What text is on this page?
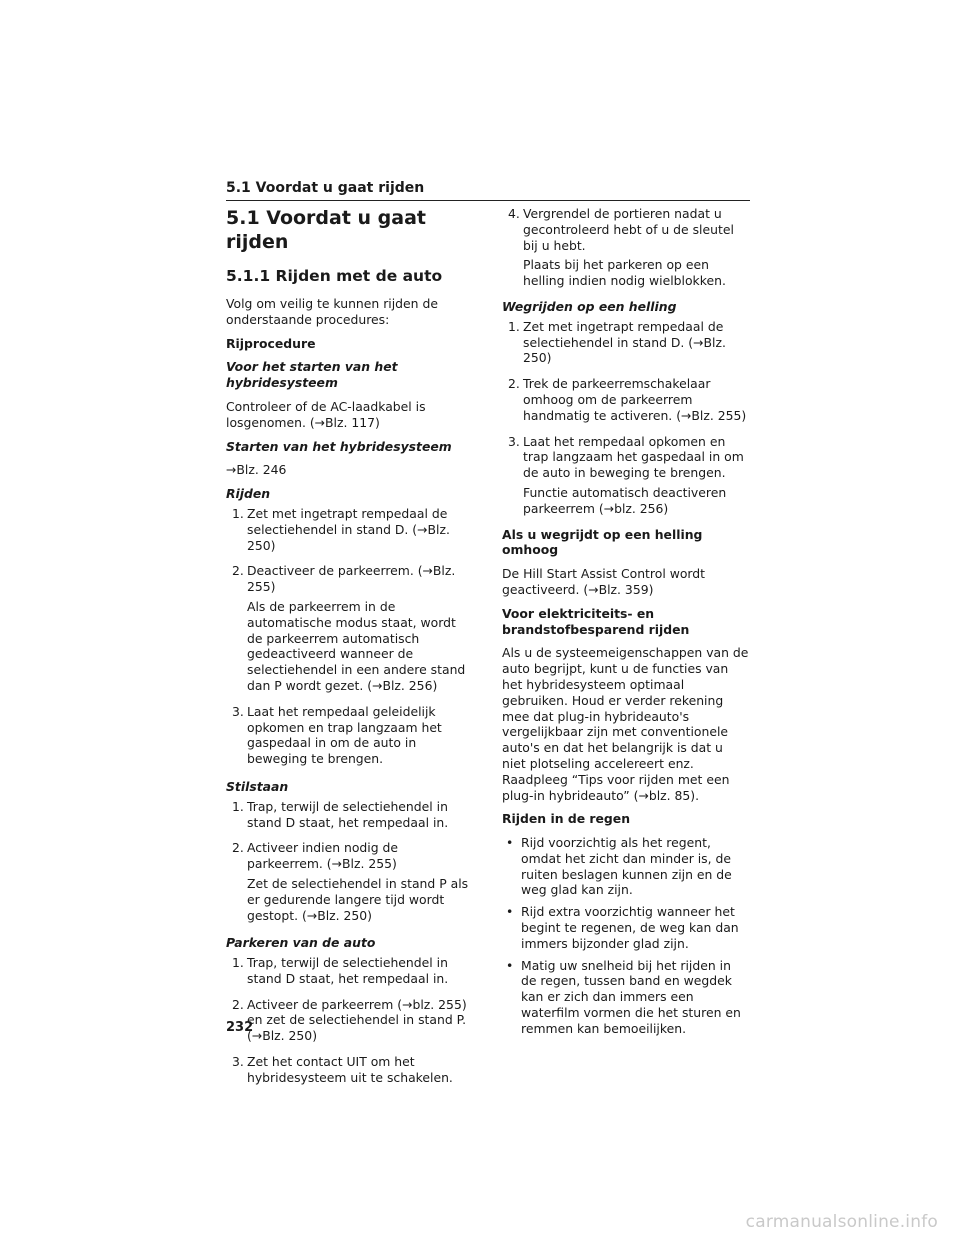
5.1 Voordat u gaat rijden
5.1 Voordat u gaat rijden
5.1.1 Rijden met de auto

Volg om veilig te kunnen rijden de onderstaande procedures:

Rijprocedure

Voor het starten van het hybridesysteem

Controleer of de AC-laadkabel is losgenomen. (→Blz. 117)

Starten van het hybridesysteem

→Blz. 246

Rijden

1. Zet met ingetrapt rempedaal de selectiehendel in stand D. (→Blz. 250)

2. Deactiveer de parkeerrem. (→Blz. 255)

Als de parkeerrem in de automatische modus staat, wordt de parkeerrem automatisch gedeactiveerd wanneer de selectiehendel in een andere stand dan P wordt gezet. (→Blz. 256)

3. Laat het rempedaal geleidelijk opkomen en trap langzaam het gaspedaal in om de auto in beweging te brengen.

Stilstaan

1. Trap, terwijl de selectiehendel in stand D staat, het rempedaal in.

2. Activeer indien nodig de parkeerrem. (→Blz. 255)

Zet de selectiehendel in stand P als er gedurende langere tijd wordt gestopt. (→Blz. 250)

Parkeren van de auto

1. Trap, terwijl de selectiehendel in stand D staat, het rempedaal in.

2. Activeer de parkeerrem (→blz. 255) en zet de selectiehendel in stand P. (→Blz. 250)

3. Zet het contact UIT om het hybridesysteem uit te schakelen.

4. Vergrendel de portieren nadat u gecontroleerd hebt of u de sleutel bij u hebt.

Plaats bij het parkeren op een helling indien nodig wielblokken.

Wegrijden op een helling

1. Zet met ingetrapt rempedaal de selectiehendel in stand D. (→Blz. 250)

2. Trek de parkeerremschakelaar omhoog om de parkeerrem handmatig te activeren. (→Blz. 255)

3. Laat het rempedaal opkomen en trap langzaam het gaspedaal in om de auto in beweging te brengen.

Functie automatisch deactiveren parkeerrem (→blz. 256)

Als u wegrijdt op een helling omhoog

De Hill Start Assist Control wordt geactiveerd. (→Blz. 359)

Voor elektriciteits- en brandstofbesparend rijden

Als u de systeemeigenschappen van de auto begrijpt, kunt u de functies van het hybridesysteem optimaal gebruiken. Houd er verder rekening mee dat plug-in hybrideauto's vergelijkbaar zijn met conventionele auto's en dat het belangrijk is dat u niet plotseling accelereert enz. Raadpleeg “Tips voor rijden met een plug-in hybrideauto” (→blz. 85).

Rijden in de regen

• Rijd voorzichtig als het regent, omdat het zicht dan minder is, de ruiten beslagen kunnen zijn en de weg glad kan zijn.
• Rijd extra voorzichtig wanneer het begint te regenen, de weg kan dan immers bijzonder glad zijn.
• Matig uw snelheid bij het rijden in de regen, tussen band en wegdek kan er zich dan immers een waterfilm vormen die het sturen en remmen kan bemoeilijken.
232
carmanualsonline.info
